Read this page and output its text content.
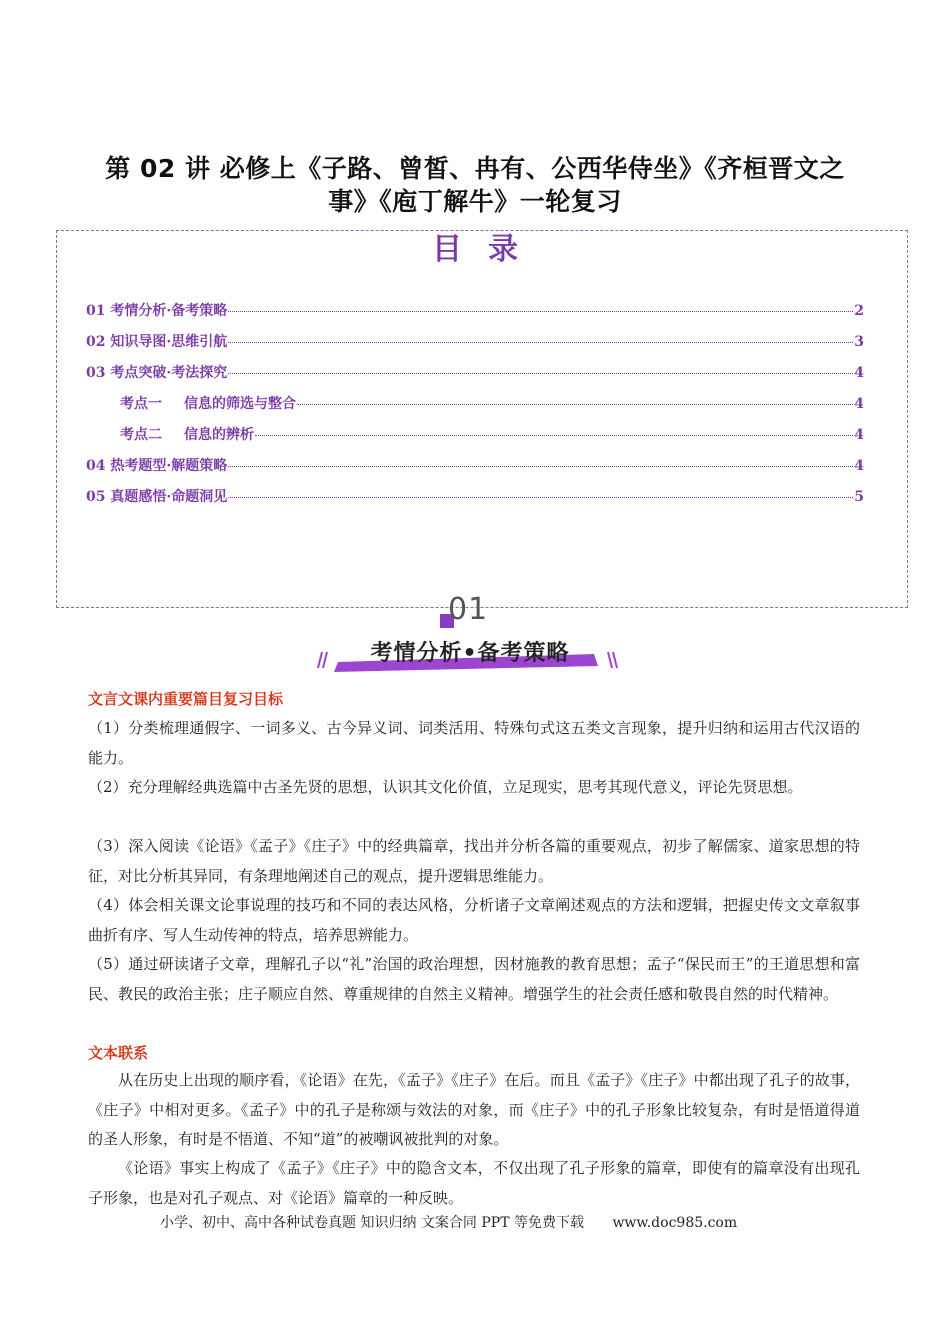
第 02 讲 必修上《子路、曾皙、冉有、公西华侍坐》《齐桓晋文之
事》《庖丁解牛》一轮复习
目录
01 考情分析·备考策略	2
02 知识导图·思维引航	3
03 考点突破·考法探究	4
考点一 信息的筛选与整合	4
考点二 信息的辨析	4
04 热考题型·解题策略	4
05 真题感悟·命题洞见	5
01
考情分析•备考策略
文言文课内重要篇目复习目标
（1）分类梳理通假字、一词多义、古今异义词、词类活用、特殊句式这五类文言现象，提升归纳和运用古代汉语的能力。
（2）充分理解经典选篇中古圣先贤的思想，认识其文化价值，立足现实，思考其现代意义，评论先贤思想。
（3）深入阅读《论语》《孟子》《庄子》中的经典篇章，找出并分析各篇的重要观点，初步了解儒家、道家思想的特征，对比分析其异同，有条理地阐述自己的观点，提升逻辑思维能力。
（4）体会相关课文论事说理的技巧和不同的表达风格，分析诸子文章阐述观点的方法和逻辑，把握史传文文章叙事曲折有序、写人生动传神的特点，培养思辨能力。
（5）通过研读诸子文章，理解孔子以“礼”治国的政治理想，因材施教的教育思想；孟子“保民而王”的王道思想和富民、教民的政治主张；庄子顺应自然、尊重规律的自然主义精神。增强学生的社会责任感和敬畏自然的时代精神。
文本联系
从在历史上出现的顺序看，《论语》在先，《孟子》《庄子》在后。而且《孟子》《庄子》中都出现了孔子的故事，《庄子》中相对更多。《孟子》中的孔子是称颂与效法的对象，而《庄子》中的孔子形象比较复杂，有时是悟道得道的圣人形象，有时是不悟道、不知“道”的被嘲讽被批判的对象。
《论语》事实上构成了《孟子》《庄子》中的隐含文本，不仅出现了孔子形象的篇章，即使有的篇章没有出现孔子形象，也是对孔子观点、对《论语》篇章的一种反映。
小学、初中、高中各种试卷真题 知识归纳 文案合同 PPT 等免费下载 www.doc985.com
